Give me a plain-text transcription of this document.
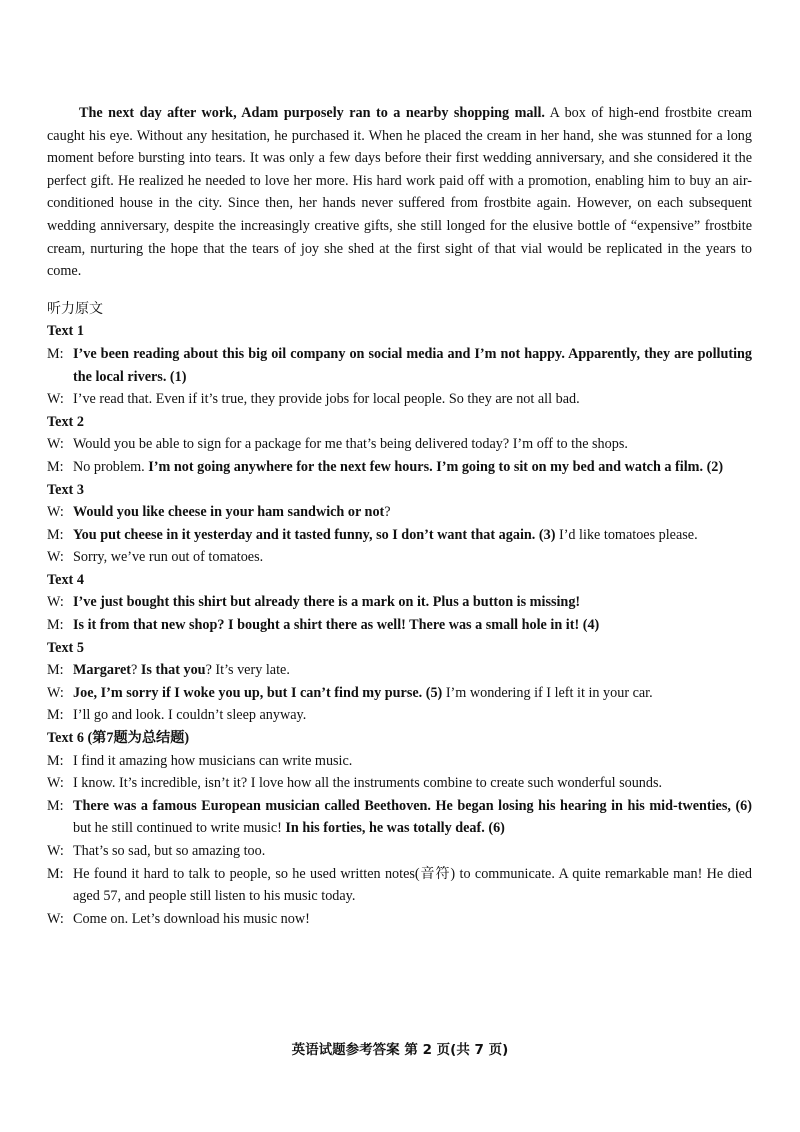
The next day after work, Adam purposely ran to a nearby shopping mall. A box of high-end frostbite cream caught his eye. Without any hesitation, he purchased it. When he placed the cream in her hand, she was stunned for a long moment before bursting into tears. It was only a few days before their first wedding anniversary, and she considered it the perfect gift. He realized he needed to love her more. His hard work paid off with a promotion, enabling him to buy an air-conditioned house in the city. Since then, her hands never suffered from frostbite again. However, on each subsequent wedding anniversary, despite the increasingly creative gifts, she still longed for the elusive bottle of “expensive” frostbite cream, nurturing the hope that the tears of joy she shed at the first sight of that vial would be replicated in the years to come.

听力原文

Text 1

M: I’ve been reading about this big oil company on social media and I’m not happy. Apparently, they are polluting the local rivers. (1)
W: I’ve read that. Even if it’s true, they provide jobs for local people. So they are not all bad.

Text 2

W: Would you be able to sign for a package for me that’s being delivered today? I’m off to the shops.
M: No problem. I’m not going anywhere for the next few hours. I’m going to sit on my bed and watch a film. (2)

Text 3

W: Would you like cheese in your ham sandwich or not?
M: You put cheese in it yesterday and it tasted funny, so I don’t want that again. (3) I’d like tomatoes please.
W: Sorry, we’ve run out of tomatoes.

Text 4

W: I’ve just bought this shirt but already there is a mark on it. Plus a button is missing!
M: Is it from that new shop? I bought a shirt there as well! There was a small hole in it! (4)

Text 5

M: Margaret? Is that you? It’s very late.
W: Joe, I’m sorry if I woke you up, but I can’t find my purse. (5) I’m wondering if I left it in your car.
M: I’ll go and look. I couldn’t sleep anyway.

Text 6 (第7题为总结题)

M: I find it amazing how musicians can write music.
W: I know. It’s incredible, isn’t it? I love how all the instruments combine to create such wonderful sounds.
M: There was a famous European musician called Beethoven. He began losing his hearing in his mid-twenties, (6) but he still continued to write music! In his forties, he was totally deaf. (6)
W: That’s so sad, but so amazing too.
M: He found it hard to talk to people, so he used written notes(音符) to communicate. A quite remarkable man! He died aged 57, and people still listen to his music today.
W: Come on. Let’s download his music now!
英语试题参考答案 第 2 页(共 7 页)
